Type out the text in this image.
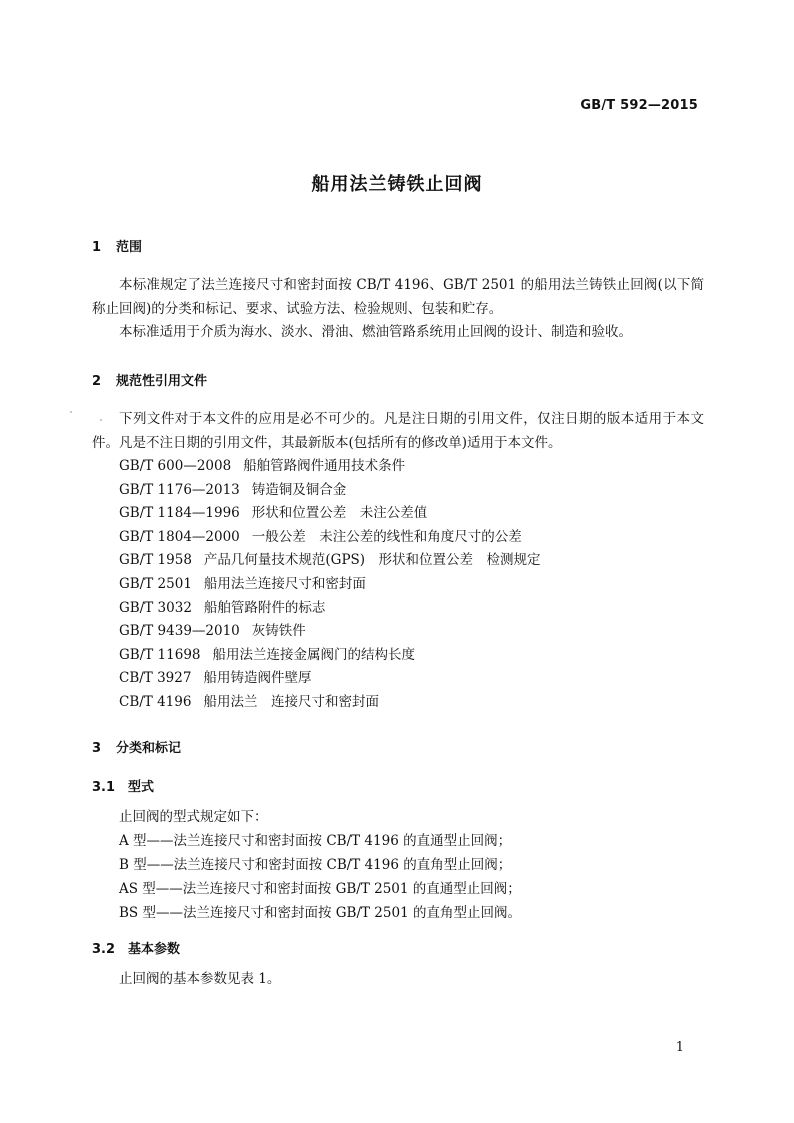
GB/T 592—2015
船用法兰铸铁止回阀
1 范围
本标准规定了法兰连接尺寸和密封面按 CB/T 4196、GB/T 2501 的船用法兰铸铁止回阀(以下简称止回阀)的分类和标记、要求、试验方法、检验规则、包装和贮存。
本标准适用于介质为海水、淡水、滑油、燃油管路系统用止回阀的设计、制造和验收。
2 规范性引用文件
下列文件对于本文件的应用是必不可少的。凡是注日期的引用文件，仅注日期的版本适用于本文件。凡是不注日期的引用文件，其最新版本(包括所有的修改单)适用于本文件。
GB/T 600—2008 船舶管路阀件通用技术条件
GB/T 1176—2013 铸造铜及铜合金
GB/T 1184—1996 形状和位置公差　未注公差值
GB/T 1804—2000 一般公差　未注公差的线性和角度尺寸的公差
GB/T 1958 产品几何量技术规范(GPS)　形状和位置公差　检测规定
GB/T 2501 船用法兰连接尺寸和密封面
GB/T 3032 船舶管路附件的标志
GB/T 9439—2010 灰铸铁件
GB/T 11698 船用法兰连接金属阀门的结构长度
CB/T 3927 船用铸造阀件壁厚
CB/T 4196 船用法兰　连接尺寸和密封面
3 分类和标记
3.1 型式
止回阀的型式规定如下：
A 型——法兰连接尺寸和密封面按 CB/T 4196 的直通型止回阀；
B 型——法兰连接尺寸和密封面按 CB/T 4196 的直角型止回阀；
AS 型——法兰连接尺寸和密封面按 GB/T 2501 的直通型止回阀；
BS 型——法兰连接尺寸和密封面按 GB/T 2501 的直角型止回阀。
3.2 基本参数
止回阀的基本参数见表 1。
1
